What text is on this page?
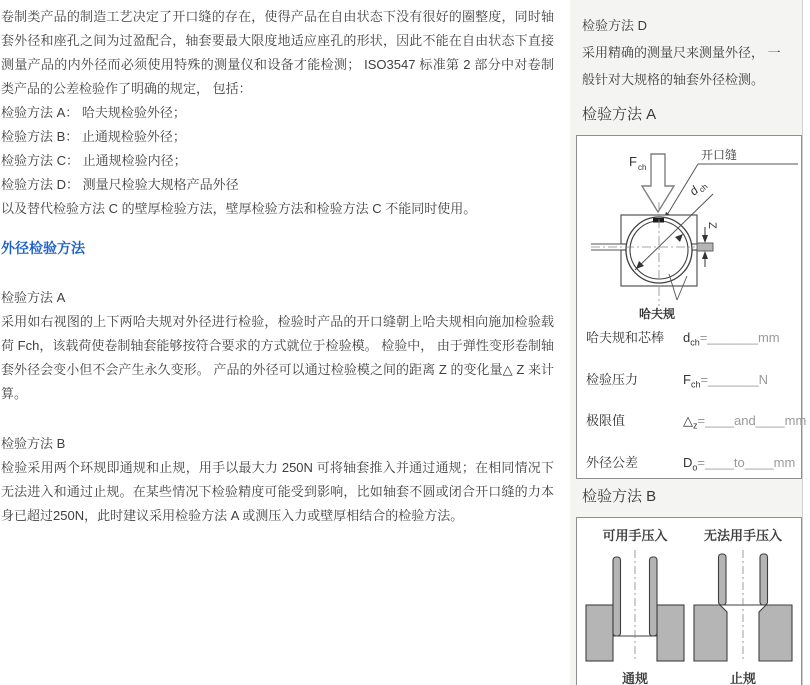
卷制类产品的制造工艺决定了开口缝的存在，使得产品在自由状态下没有很好的圈整度，同时轴套外径和座孔之间为过盈配合，轴套要最大限度地适应座孔的形状，因此不能在自由状态下直接测量产品的内外径而必须使用特殊的测量仪和设备才能检测； ISO3547 标准第 2 部分中对卷制类产品的公差检验作了明确的规定， 包括：

检验方法 A： 哈夫规检验外径；
检验方法 B： 止通规检验外径；
检验方法 C： 止通规检验内径；
检验方法 D： 测量尺检验大规格产品外径

以及替代检验方法 C 的壁厚检验方法，壁厚检验方法和检验方法 C 不能同时使用。

外径检验方法
检验方法 A

采用如右视图的上下两哈夫规对外径进行检验，检验时产品的开口缝朝上哈夫规相向施加检验载荷 Fch，该载荷使卷制轴套能够按符合要求的方式就位于检验模。 检验中， 由于弹性变形卷制轴套外径会变小但不会产生永久变形。 产品的外径可以通过检验模之间的距离 Z 的变化量△ Z 来计算。

检验方法 B

检验采用两个环规即通规和止规，用手以最大力 250N 可将轴套推入并通过通规；在相同情况下无法进入和通过止规。在某些情况下检验精度可能受到影响，比如轴套不圆或闭合开口缝的力本身已超过250N，此时建议采用检验方法 A 或测压入力或壁厚相结合的检验方法。

检验方法 D
采用精确的测量尺来测量外径， 一般针对大规格的轴套外径检测。
检验方法 A
F ch
开口缝
d
ch
Z
哈夫规
哈夫规和芯棒	$d_{ch}=\_\_\_\_\_\_\_mm$
检验压力	$F_{ch}=\_\_\_\_\_\_\_N$
极限值	$\triangle_z=\_\_\_\_and\_\_\_\_mm$
外径公差	$D_o=\_\_\_\_to\_\_\_\_mm$
检验方法 B
可用手压入
通规
无法用手压入
止规
